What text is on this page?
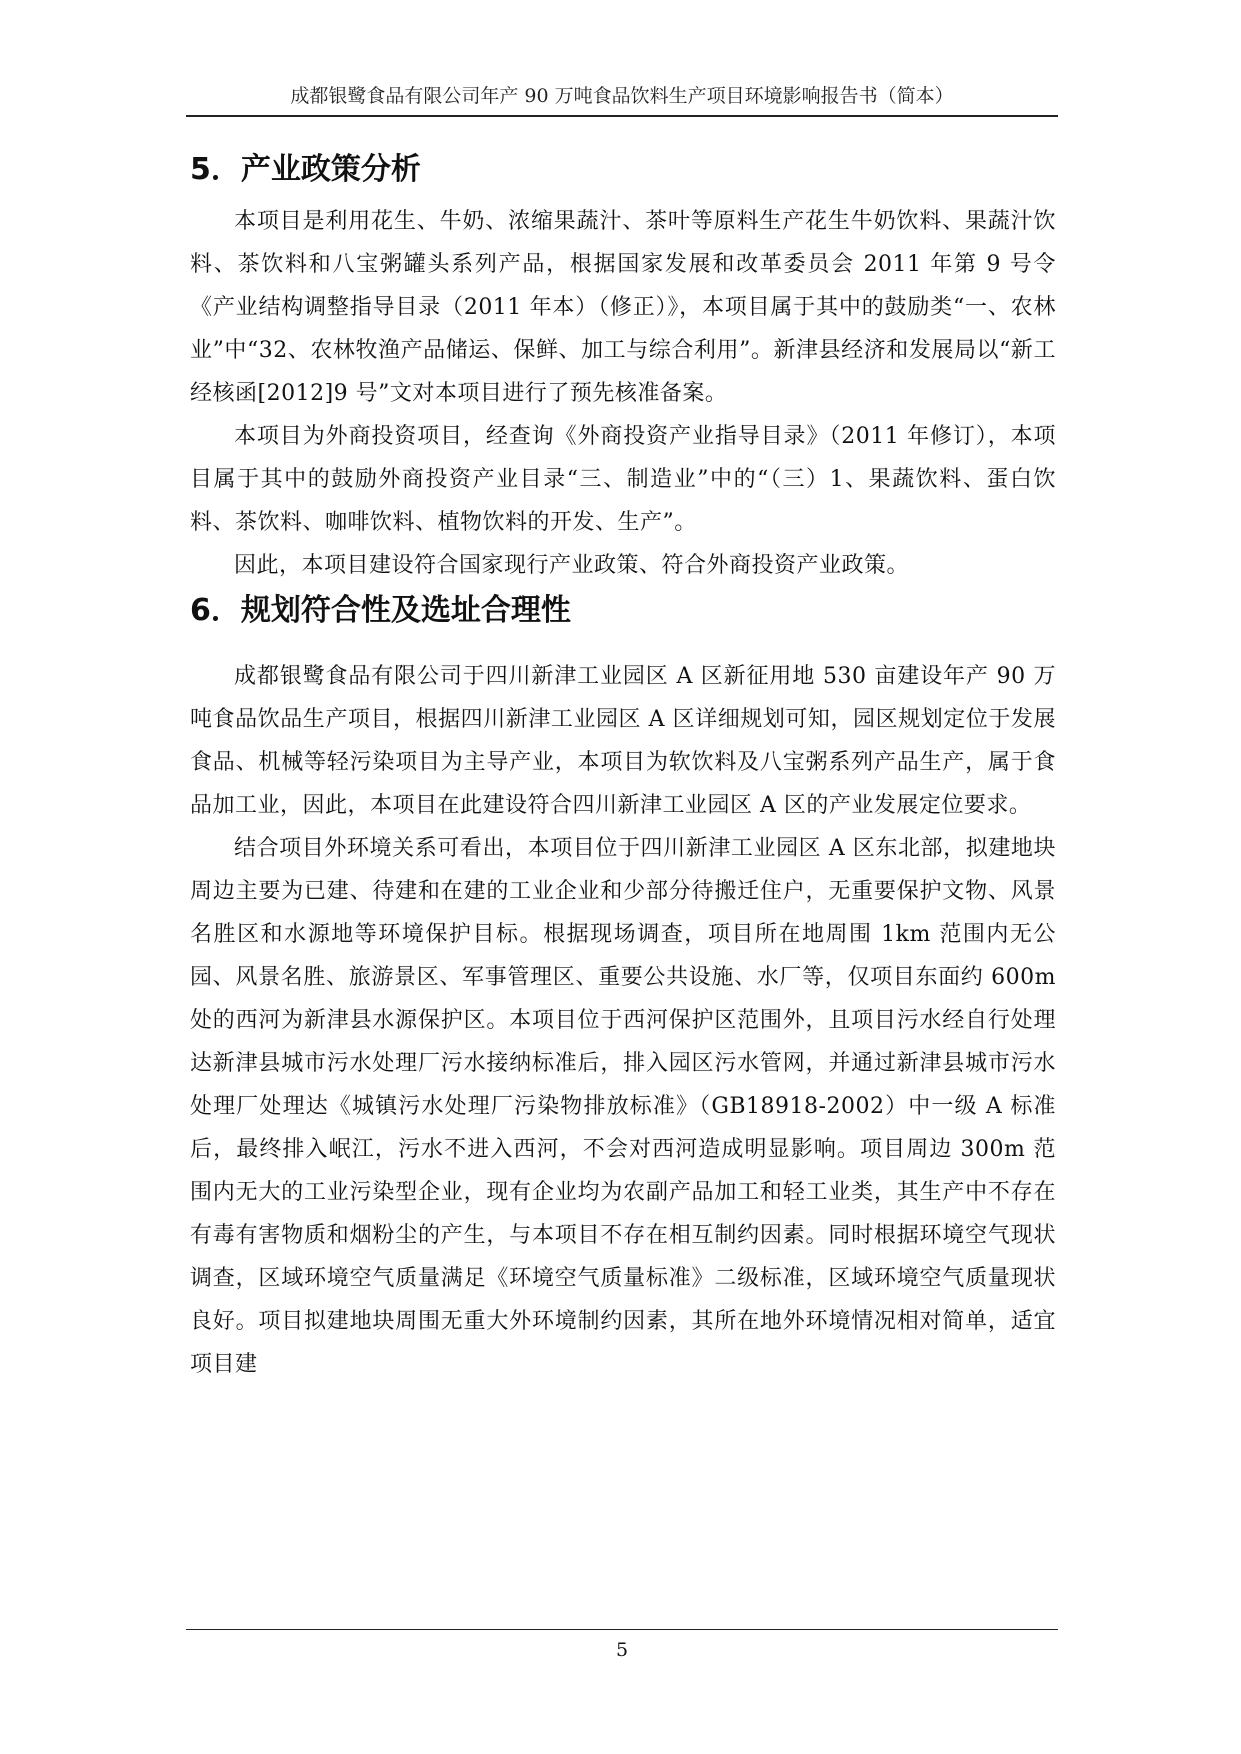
成都银鹭食品有限公司年产 90 万吨食品饮料生产项目环境影响报告书（简本）
5．产业政策分析

本项目是利用花生、牛奶、浓缩果蔬汁、茶叶等原料生产花生牛奶饮料、果蔬汁饮料、茶饮料和八宝粥罐头系列产品，根据国家发展和改革委员会 2011 年第 9 号令《产业结构调整指导目录（2011 年本）（修正）》，本项目属于其中的鼓励类“一、农林业”中“32、农林牧渔产品储运、保鲜、加工与综合利用”。新津县经济和发展局以“新工经核函[2012]9 号”文对本项目进行了预先核准备案。

本项目为外商投资项目，经查询《外商投资产业指导目录》（2011 年修订），本项目属于其中的鼓励外商投资产业目录“三、制造业”中的“（三）1、果蔬饮料、蛋白饮料、茶饮料、咖啡饮料、植物饮料的开发、生产”。

因此，本项目建设符合国家现行产业政策、符合外商投资产业政策。

6．规划符合性及选址合理性

成都银鹭食品有限公司于四川新津工业园区 A 区新征用地 530 亩建设年产 90 万吨食品饮品生产项目，根据四川新津工业园区 A 区详细规划可知，园区规划定位于发展食品、机械等轻污染项目为主导产业，本项目为软饮料及八宝粥系列产品生产，属于食品加工业，因此，本项目在此建设符合四川新津工业园区 A 区的产业发展定位要求。

结合项目外环境关系可看出，本项目位于四川新津工业园区 A 区东北部，拟建地块周边主要为已建、待建和在建的工业企业和少部分待搬迁住户，无重要保护文物、风景名胜区和水源地等环境保护目标。根据现场调查，项目所在地周围 1km 范围内无公园、风景名胜、旅游景区、军事管理区、重要公共设施、水厂等，仅项目东面约 600m 处的西河为新津县水源保护区。本项目位于西河保护区范围外，且项目污水经自行处理达新津县城市污水处理厂污水接纳标准后，排入园区污水管网，并通过新津县城市污水处理厂处理达《城镇污水处理厂污染物排放标准》（GB18918-2002）中一级 A 标准后，最终排入岷江，污水不进入西河，不会对西河造成明显影响。项目周边 300m 范围内无大的工业污染型企业，现有企业均为农副产品加工和轻工业类，其生产中不存在有毒有害物质和烟粉尘的产生，与本项目不存在相互制约因素。同时根据环境空气现状调查，区域环境空气质量满足《环境空气质量标准》二级标准，区域环境空气质量现状良好。项目拟建地块周围无重大外环境制约因素，其所在地外环境情况相对简单，适宜项目建

5
